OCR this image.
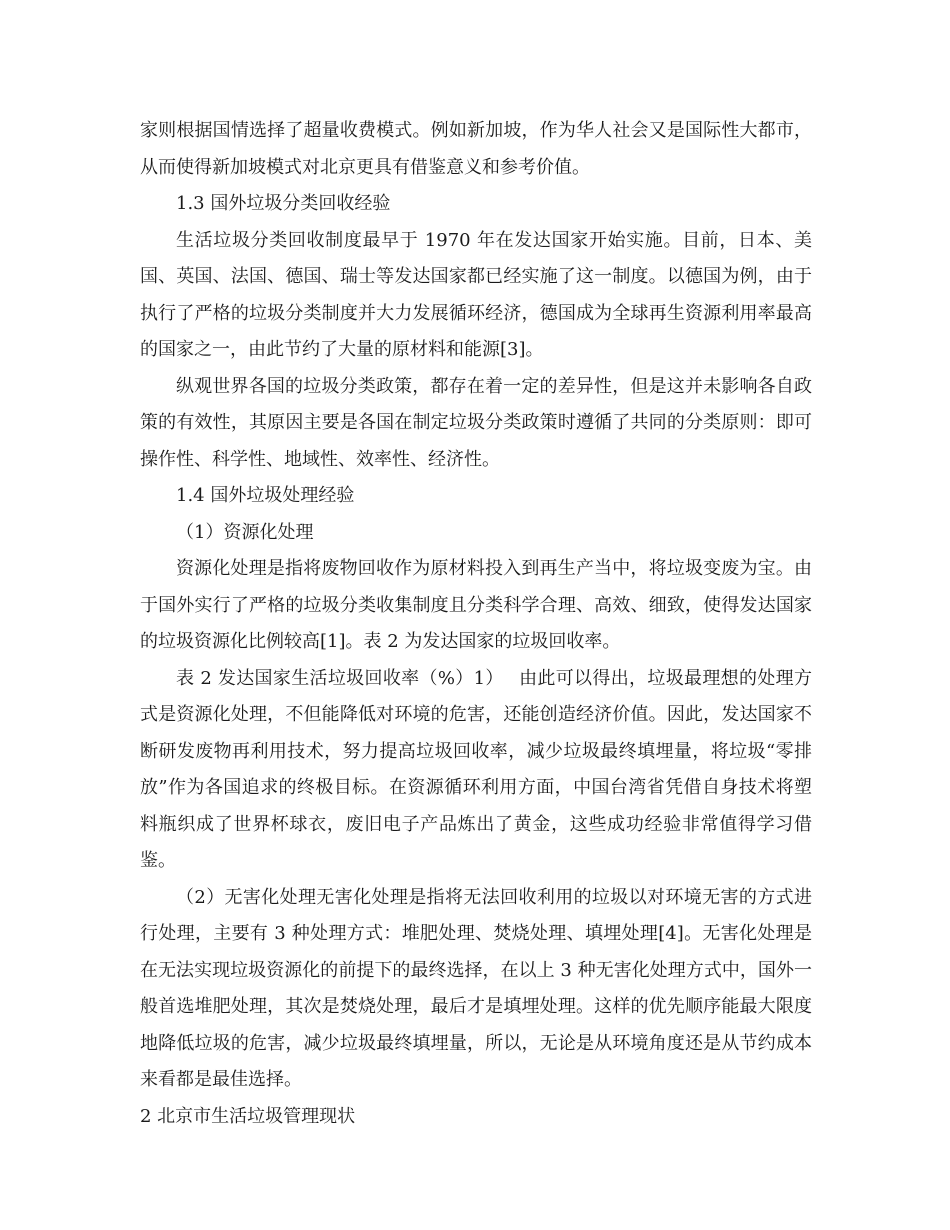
家则根据国情选择了超量收费模式。例如新加坡，作为华人社会又是国际性大都市，从而使得新加坡模式对北京更具有借鉴意义和参考价值。

1.3 国外垃圾分类回收经验

生活垃圾分类回收制度最早于 1970 年在发达国家开始实施。目前，日本、美国、英国、法国、德国、瑞士等发达国家都已经实施了这一制度。以德国为例，由于执行了严格的垃圾分类制度并大力发展循环经济，德国成为全球再生资源利用率最高的国家之一，由此节约了大量的原材料和能源[3]。

纵观世界各国的垃圾分类政策，都存在着一定的差异性，但是这并未影响各自政策的有效性，其原因主要是各国在制定垃圾分类政策时遵循了共同的分类原则：即可操作性、科学性、地域性、效率性、经济性。

1.4 国外垃圾处理经验

（1）资源化处理

资源化处理是指将废物回收作为原材料投入到再生产当中，将垃圾变废为宝。由于国外实行了严格的垃圾分类收集制度且分类科学合理、高效、细致，使得发达国家的垃圾资源化比例较高[1]。表 2 为发达国家的垃圾回收率。

表 2 发达国家生活垃圾回收率（%）1）　 由此可以得出，垃圾最理想的处理方式是资源化处理，不但能降低对环境的危害，还能创造经济价值。因此，发达国家不断研发废物再利用技术，努力提高垃圾回收率，减少垃圾最终填埋量，将垃圾“零排放”作为各国追求的终极目标。在资源循环利用方面，中国台湾省凭借自身技术将塑料瓶织成了世界杯球衣，废旧电子产品炼出了黄金，这些成功经验非常值得学习借鉴。

（2）无害化处理无害化处理是指将无法回收利用的垃圾以对环境无害的方式进行处理，主要有 3 种处理方式：堆肥处理、焚烧处理、填埋处理[4]。无害化处理是在无法实现垃圾资源化的前提下的最终选择，在以上 3 种无害化处理方式中，国外一般首选堆肥处理，其次是焚烧处理，最后才是填埋处理。这样的优先顺序能最大限度地降低垃圾的危害，减少垃圾最终填埋量，所以，无论是从环境角度还是从节约成本来看都是最佳选择。

2 北京市生活垃圾管理现状
